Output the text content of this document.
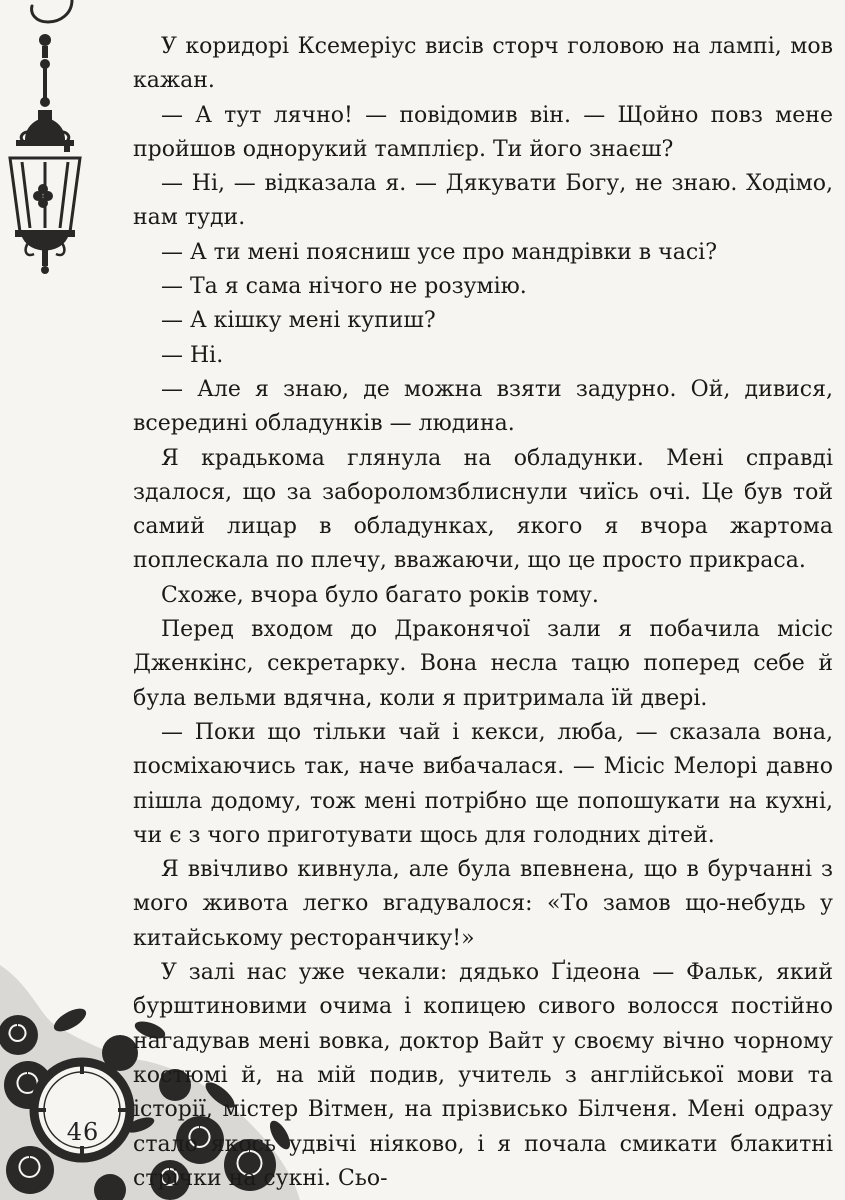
У коридорі Ксемеріус висів сторч головою на лампі, мов кажан.

— А тут лячно! — повідомив він. — Щойно повз мене пройшов однорукий тамплієр. Ти його знаєш?

— Ні, — відказала я. — Дякувати Богу, не знаю. Ходімо, нам туди.

— А ти мені поясниш усе про мандрівки в часі?

— Та я сама нічого не розумію.

— А кішку мені купиш?

— Ні.

— Але я знаю, де можна взяти задурно. Ой, дивися, всередині обладунків — людина.

Я крадькома глянула на обладунки. Мені справді здалося, що за забороломзблиснули чиїсь очі. Це був той самий лицар в обладунках, якого я вчора жартома поплескала по плечу, вважаючи, що це просто прикраса.

Схоже, вчора було багато років тому.

Перед входом до Драконячої зали я побачила місіс Дженкінс, секретарку. Вона несла тацю поперед себе й була вельми вдячна, коли я притримала їй двері.

— Поки що тільки чай і кекси, люба, — сказала вона, посміхаючись так, наче вибачалася. — Місіс Мелорі давно пішла додому, тож мені потрібно ще попошукати на кухні, чи є з чого приготувати щось для голодних дітей.

Я ввічливо кивнула, але була впевнена, що в бурчанні з мого живота легко вгадувалося: «То замов що-небудь у китайському ресторанчику!»

У залі нас уже чекали: дядько Ґідеона — Фальк, який бурштиновими очима і копицею сивого волосся постійно нагадував мені вовка, доктор Вайт у своєму вічно чорному костюмі й, на мій подив, учитель з англійської мови та історії, містер Вітмен, на прізвисько Білченя. Мені одразу стало якось удвічі ніяково, і я почала смикати блакитні стрічки на сукні. Сьо-

46
